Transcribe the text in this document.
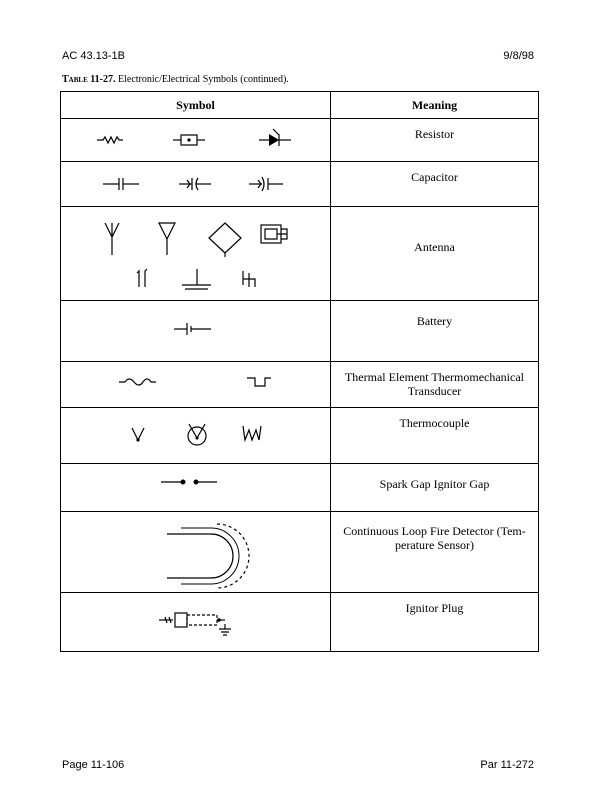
AC 43.13-1B	9/8/98
Table 11-27. Electronic/Electrical Symbols (continued).
Symbol	Meaning

	Resistor

	Capacitor

	Antenna

	Battery

	Thermal Element Thermomechanical Transducer

	Thermocouple

	Spark Gap Ignitor Gap

	Continuous Loop Fire Detector (Tem- perature Sensor)

	Ignitor Plug
Page 11-106	Par 11-272
